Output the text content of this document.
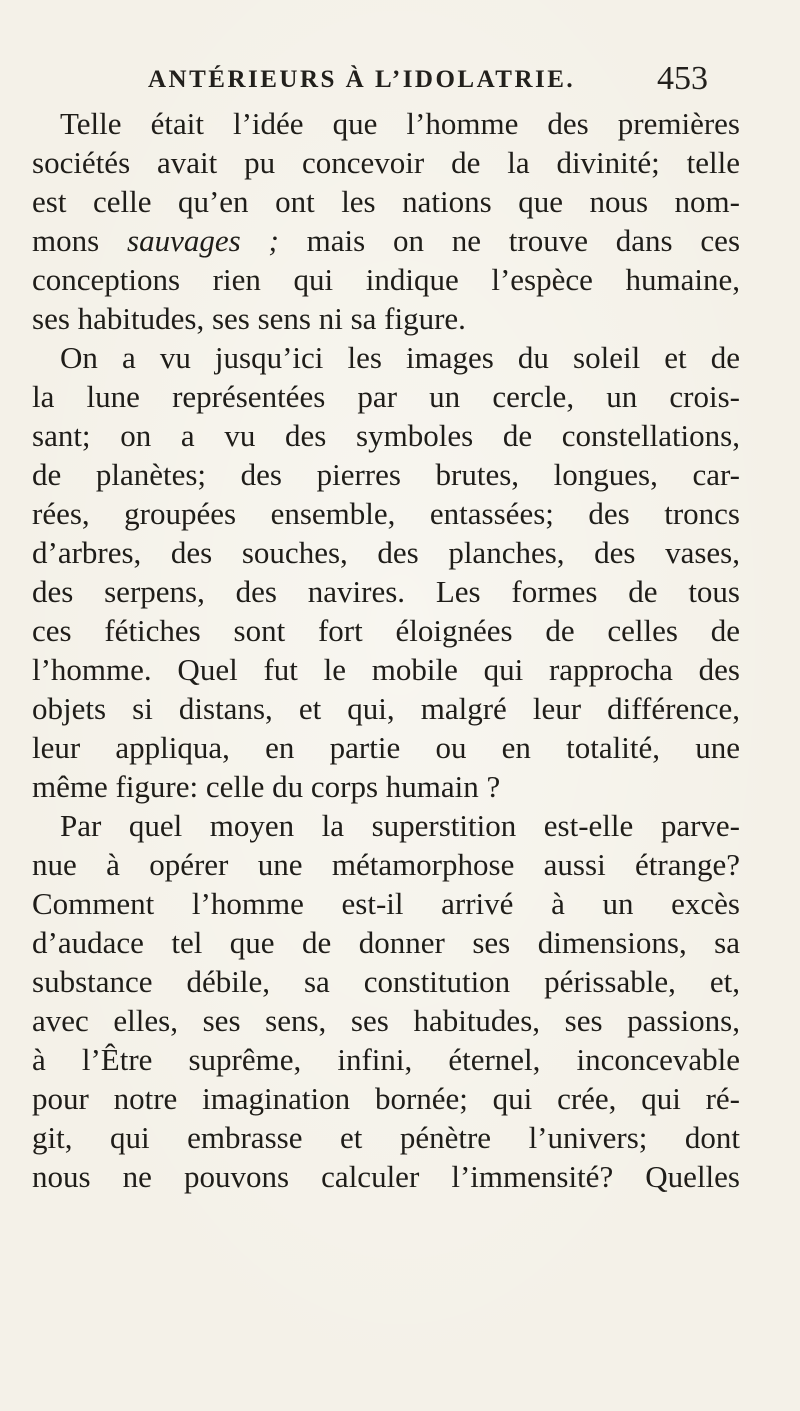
ANTÉRIEURS À L’IDOLATRIE. 453
Telle était l’idée que l’homme des premières
sociétés avait pu concevoir de la divinité; telle
est celle qu’en ont les nations que nous nom-
mons sauvages ; mais on ne trouve dans ces
conceptions rien qui indique l’espèce humaine,
ses habitudes, ses sens ni sa figure.
On a vu jusqu’ici les images du soleil et de
la lune représentées par un cercle, un crois-
sant; on a vu des symboles de constellations,
de planètes; des pierres brutes, longues, car-
rées, groupées ensemble, entassées; des troncs
d’arbres, des souches, des planches, des vases,
des serpens, des navires. Les formes de tous
ces fétiches sont fort éloignées de celles de
l’homme. Quel fut le mobile qui rapprocha des
objets si distans, et qui, malgré leur différence,
leur appliqua, en partie ou en totalité, une
même figure: celle du corps humain ?
Par quel moyen la superstition est-elle parve-
nue à opérer une métamorphose aussi étrange?
Comment l’homme est-il arrivé à un excès
d’audace tel que de donner ses dimensions, sa
substance débile, sa constitution périssable, et,
avec elles, ses sens, ses habitudes, ses passions,
à l’Être suprême, infini, éternel, inconcevable
pour notre imagination bornée; qui crée, qui ré-
git, qui embrasse et pénètre l’univers; dont
nous ne pouvons calculer l’immensité? Quelles
